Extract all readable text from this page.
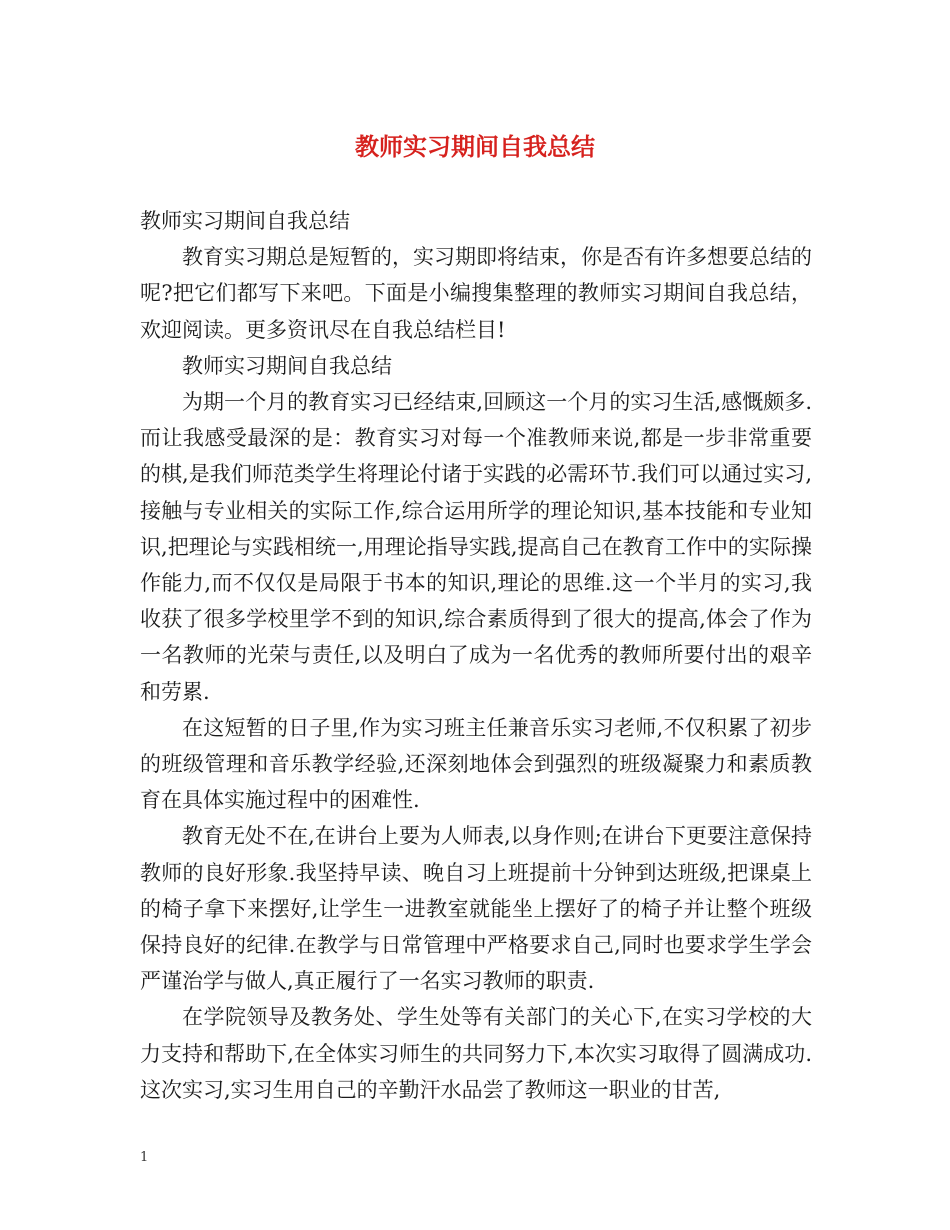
教师实习期间自我总结

教师实习期间自我总结

教育实习期总是短暂的，实习期即将结束，你是否有许多想要总结的呢?把它们都写下来吧。下面是小编搜集整理的教师实习期间自我总结，欢迎阅读。更多资讯尽在自我总结栏目!

教师实习期间自我总结

为期一个月的教育实习已经结束,回顾这一个月的实习生活,感慨颇多.而让我感受最深的是：教育实习对每一个准教师来说,都是一步非常重要的棋,是我们师范类学生将理论付诸于实践的必需环节.我们可以通过实习,接触与专业相关的实际工作,综合运用所学的理论知识,基本技能和专业知识,把理论与实践相统一,用理论指导实践,提高自己在教育工作中的实际操作能力,而不仅仅是局限于书本的知识,理论的思维.这一个半月的实习,我收获了很多学校里学不到的知识,综合素质得到了很大的提高,体会了作为一名教师的光荣与责任,以及明白了成为一名优秀的教师所要付出的艰辛和劳累.

在这短暂的日子里,作为实习班主任兼音乐实习老师,不仅积累了初步的班级管理和音乐教学经验,还深刻地体会到强烈的班级凝聚力和素质教育在具体实施过程中的困难性.

教育无处不在,在讲台上要为人师表,以身作则;在讲台下更要注意保持教师的良好形象.我坚持早读、晚自习上班提前十分钟到达班级,把课桌上的椅子拿下来摆好,让学生一进教室就能坐上摆好了的椅子并让整个班级保持良好的纪律.在教学与日常管理中严格要求自己,同时也要求学生学会严谨治学与做人,真正履行了一名实习教师的职责.

在学院领导及教务处、学生处等有关部门的关心下,在实习学校的大力支持和帮助下,在全体实习师生的共同努力下,本次实习取得了圆满成功.这次实习,实习生用自己的辛勤汗水品尝了教师这一职业的甘苦,

1
